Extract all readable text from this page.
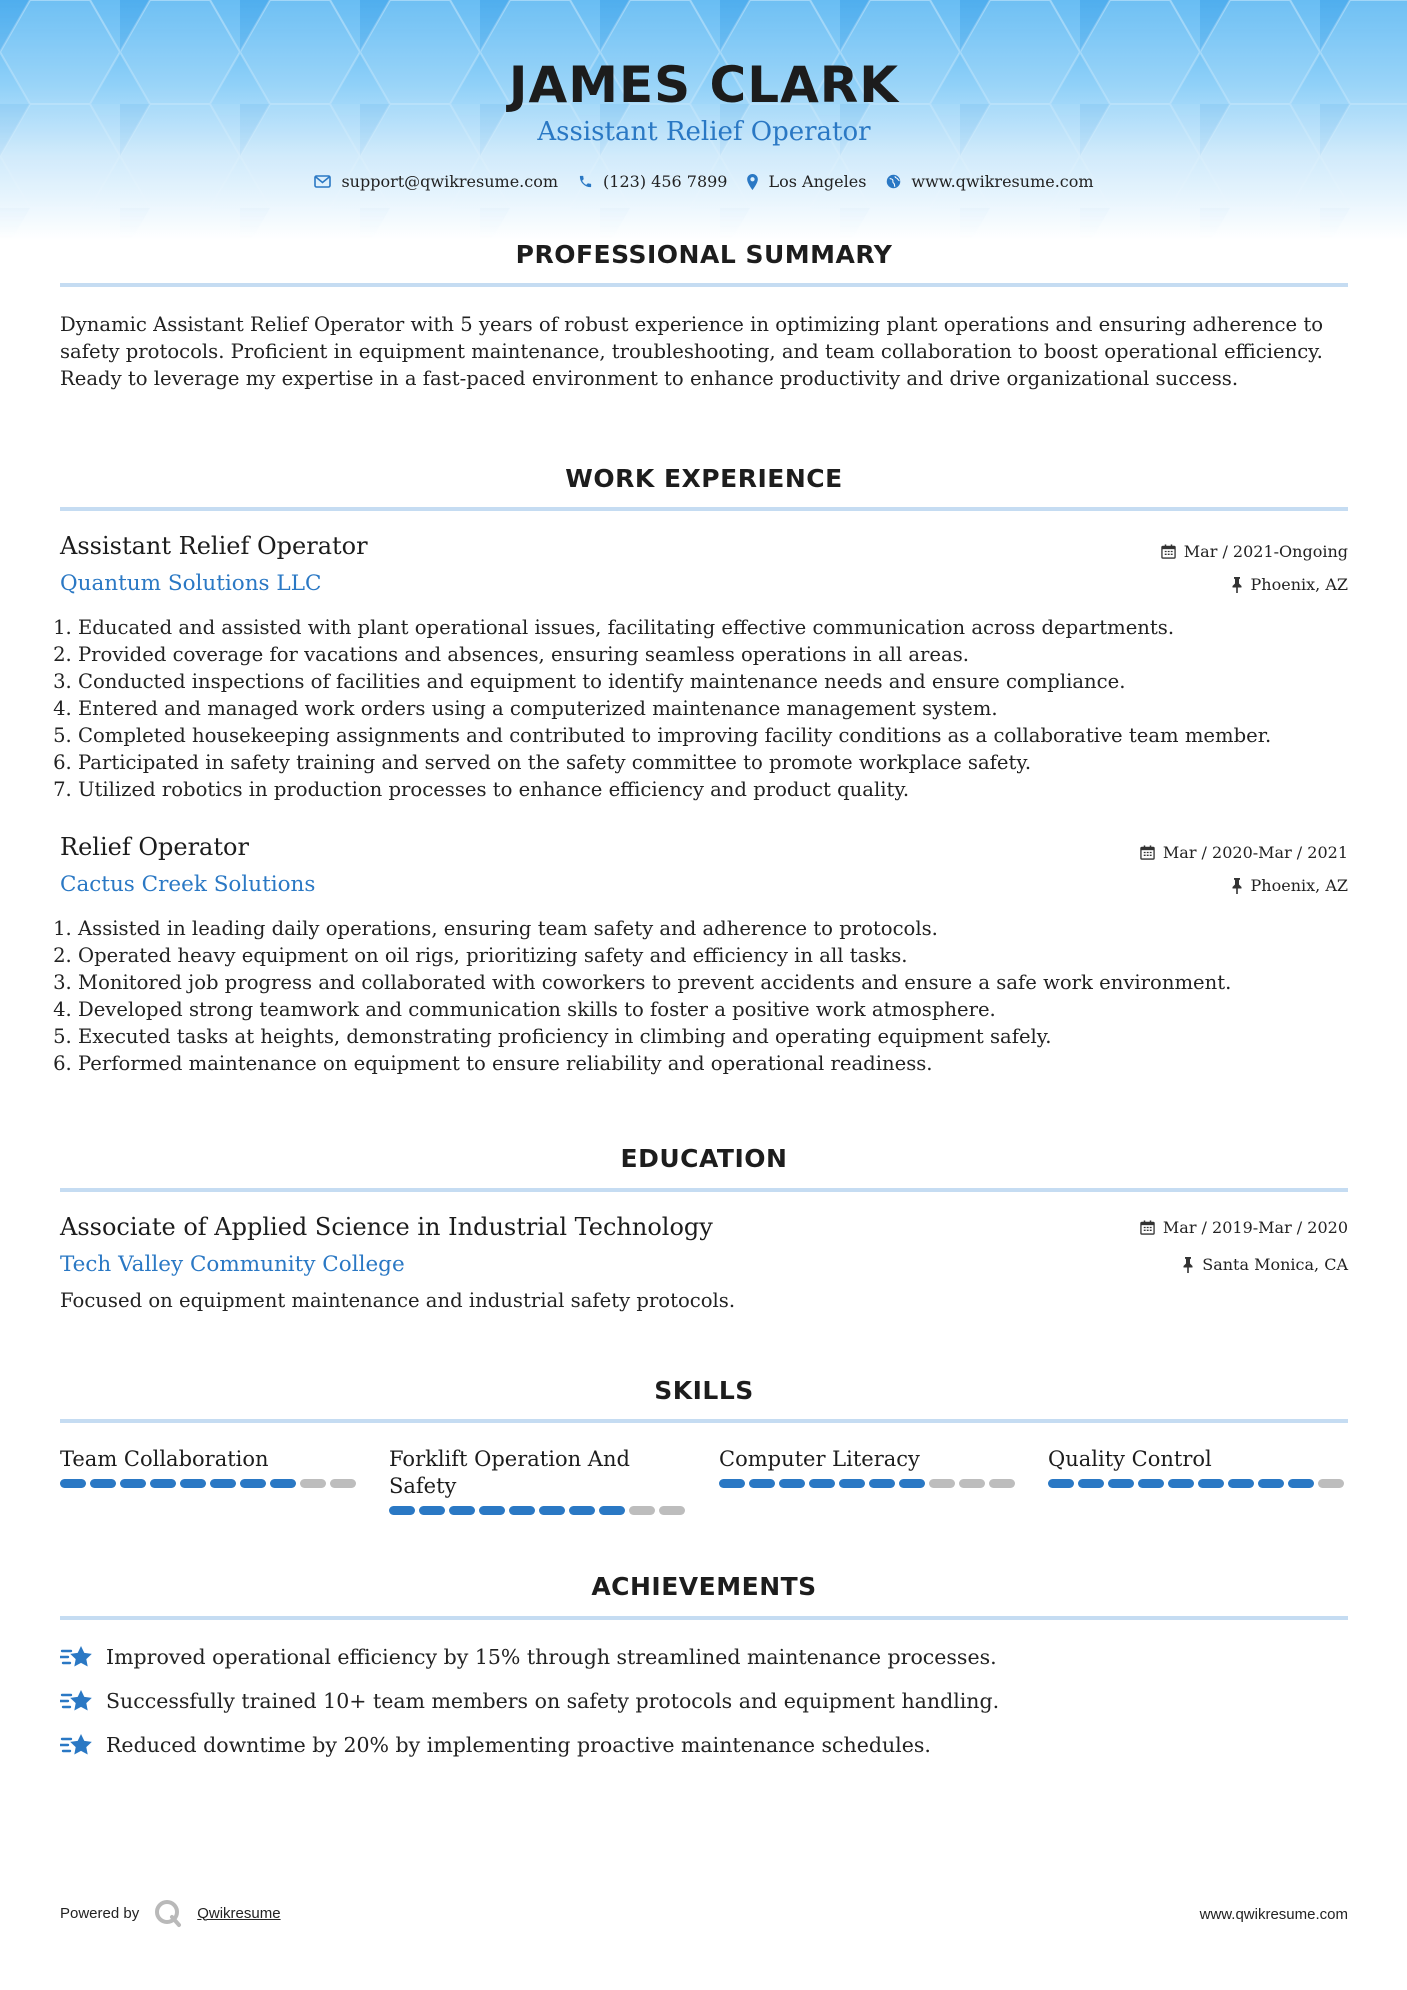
JAMES CLARK

Assistant Relief Operator

support@qwikresume.com	(123) 456 7899	Los Angeles	www.qwikresume.com
PROFESSIONAL SUMMARY

Dynamic Assistant Relief Operator with 5 years of robust experience in optimizing plant operations and ensuring adherence to safety protocols. Proficient in equipment maintenance, troubleshooting, and team collaboration to boost operational efficiency. Ready to leverage my expertise in a fast-paced environment to enhance productivity and drive organizational success.

WORK EXPERIENCE

Assistant Relief Operator

Quantum Solutions LLC

Mar / 2021-Ongoing
Phoenix, AZ
1. Educated and assisted with plant operational issues, facilitating effective communication across departments.
2. Provided coverage for vacations and absences, ensuring seamless operations in all areas.
3. Conducted inspections of facilities and equipment to identify maintenance needs and ensure compliance.
4. Entered and managed work orders using a computerized maintenance management system.
5. Completed housekeeping assignments and contributed to improving facility conditions as a collaborative team member.
6. Participated in safety training and served on the safety committee to promote workplace safety.
7. Utilized robotics in production processes to enhance efficiency and product quality.

Relief Operator

Cactus Creek Solutions

Mar / 2020-Mar / 2021
Phoenix, AZ
1. Assisted in leading daily operations, ensuring team safety and adherence to protocols.
2. Operated heavy equipment on oil rigs, prioritizing safety and efficiency in all tasks.
3. Monitored job progress and collaborated with coworkers to prevent accidents and ensure a safe work environment.
4. Developed strong teamwork and communication skills to foster a positive work atmosphere.
5. Executed tasks at heights, demonstrating proficiency in climbing and operating equipment safely.
6. Performed maintenance on equipment to ensure reliability and operational readiness.
EDUCATION

Associate of Applied Science in Industrial Technology

Tech Valley Community College

Mar / 2019-Mar / 2020
Santa Monica, CA

Focused on equipment maintenance and industrial safety protocols.

SKILLS

Team Collaboration	Forklift Operation And Safety

Computer Literacy	Quality Control

ACHIEVEMENTS
Improved operational efficiency by 15% through streamlined maintenance processes.
Successfully trained 10+ team members on safety protocols and equipment handling.
Reduced downtime by 20% by implementing proactive maintenance schedules.
Powered by	Qwikresume	www.qwikresume.com
